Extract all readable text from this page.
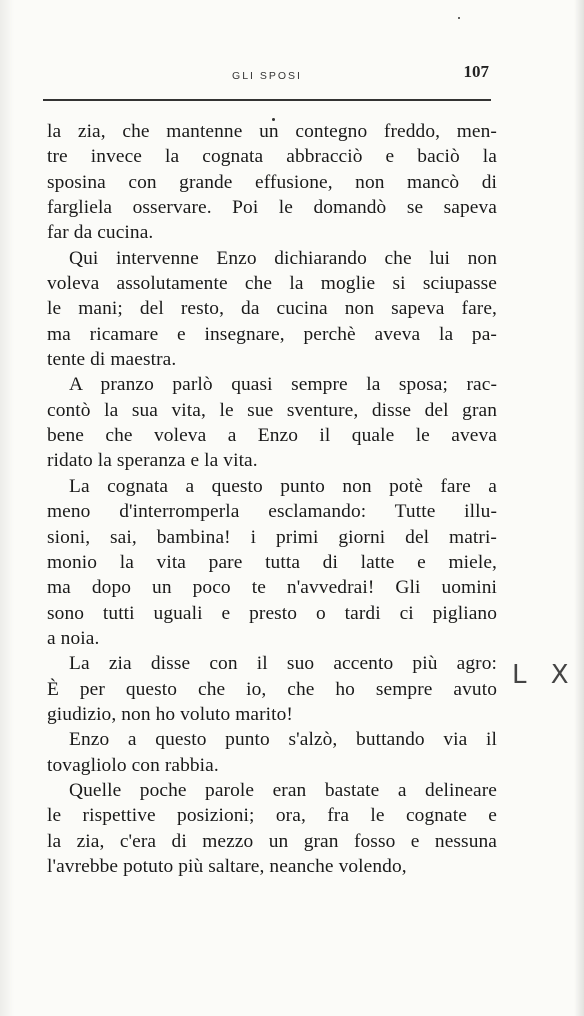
GLI SPOSI	107

la zia, che mantenne un contegno freddo, men-
tre invece la cognata abbracciò e baciò la
sposina con grande effusione, non mancò di
fargliela osservare. Poi le domandò se sapeva
far da cucina.

Qui intervenne Enzo dichiarando che lui non
voleva assolutamente che la moglie si sciupasse
le mani; del resto, da cucina non sapeva fare,
ma ricamare e insegnare, perchè aveva la pa-
tente di maestra.

A pranzo parlò quasi sempre la sposa; rac-
contò la sua vita, le sue sventure, disse del gran
bene che voleva a Enzo il quale le aveva
ridato la speranza e la vita.

La cognata a questo punto non potè fare a
meno d'interromperla esclamando: Tutte illu-
sioni, sai, bambina! i primi giorni del matri-
monio la vita pare tutta di latte e miele,
ma dopo un poco te n'avvedrai! Gli uomini
sono tutti uguali e presto o tardi ci pigliano
a noia.

La zia disse con il suo accento più agro:
È per questo che io, che ho sempre avuto
giudizio, non ho voluto marito!

Enzo a questo punto s'alzò, buttando via il
tovagliolo con rabbia.

Quelle poche parole eran bastate a delineare
le rispettive posizioni; ora, fra le cognate e
la zia, c'era di mezzo un gran fosso e nessuna
l'avrebbe potuto più saltare, neanche volendo,

L X
